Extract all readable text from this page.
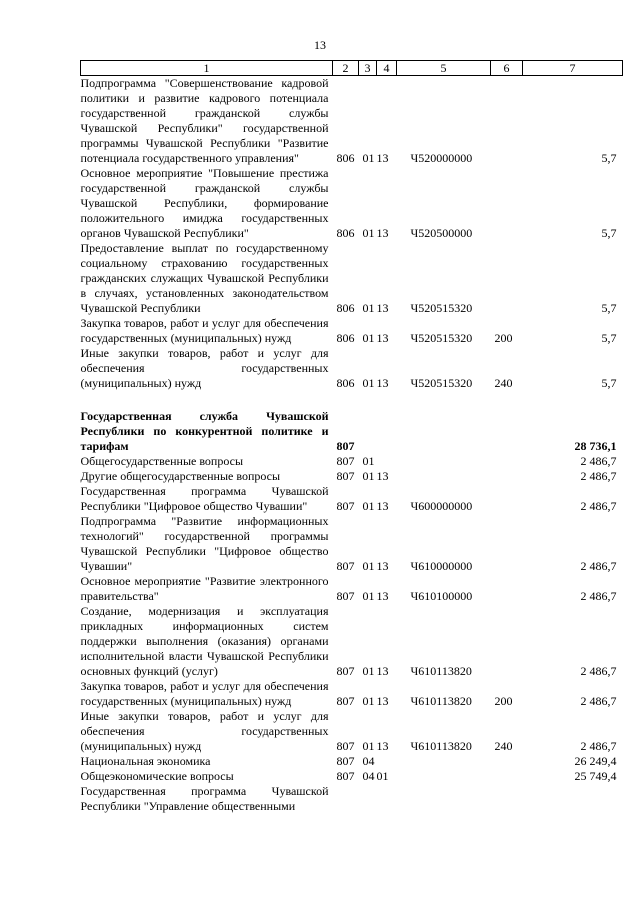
13
1	2	3	4	5	6	7
Подпрограмма "Совершенствование кадровой политики и развитие кадрового потенциала государственной гражданской службы Чувашской Республики" государственной программы Чувашской Республики "Развитие потенциала государственного управления"	806	01	13	Ч520000000		5,7
Основное мероприятие "Повышение престижа государственной гражданской службы Чувашской Республики, формирование положительного имиджа государственных органов Чувашской Республики"	806	01	13	Ч520500000		5,7
Предоставление выплат по государственному социальному страхованию государственных гражданских служащих Чувашской Республики в случаях, установленных законодательством Чувашской Республики	806	01	13	Ч520515320		5,7
Закупка товаров, работ и услуг для обеспечения государственных (муниципальных) нужд	806	01	13	Ч520515320	200	5,7
Иные закупки товаров, работ и услуг для обеспечения государственных (муниципальных) нужд	806	01	13	Ч520515320	240	5,7

Государственная служба Чувашской Республики по конкурентной политике и тарифам	807					28 736,1
Общегосударственные вопросы	807	01				2 486,7
Другие общегосударственные вопросы	807	01	13			2 486,7
Государственная программа Чувашской Республики "Цифровое общество Чувашии"	807	01	13	Ч600000000		2 486,7
Подпрограмма "Развитие информационных технологий" государственной программы Чувашской Республики "Цифровое общество Чувашии"	807	01	13	Ч610000000		2 486,7
Основное мероприятие "Развитие электронного правительства"	807	01	13	Ч610100000		2 486,7
Создание, модернизация и эксплуатация прикладных информационных систем поддержки выполнения (оказания) органами исполнительной власти Чувашской Республики основных функций (услуг)	807	01	13	Ч610113820		2 486,7
Закупка товаров, работ и услуг для обеспечения государственных (муниципальных) нужд	807	01	13	Ч610113820	200	2 486,7
Иные закупки товаров, работ и услуг для обеспечения государственных (муниципальных) нужд	807	01	13	Ч610113820	240	2 486,7
Национальная экономика	807	04				26 249,4
Общеэкономические вопросы	807	04	01			25 749,4
Государственная программа Чувашской Республики "Управление общественными						
